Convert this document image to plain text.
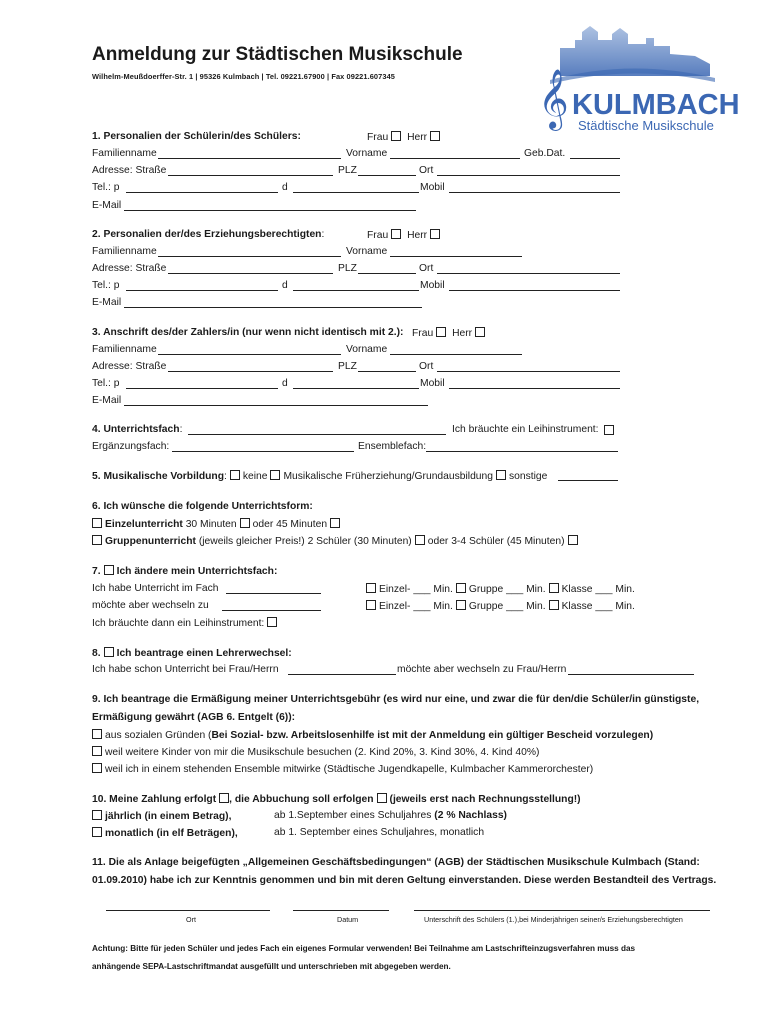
Anmeldung zur Städtischen Musikschule
Wilhelm-Meußdoerffer-Str. 1 | 95326 Kulmbach | Tel. 09221.67900 | Fax 09221.607345	𝄞 KULMBACH
Städtische Musikschule
1. Personalien der Schülerin/des Schülers:	Frau Herr
Familienname	Vorname	Geb.Dat.
Adresse: Straße	PLZ	Ort
Tel.: p	d	Mobil
E-Mail
2. Personalien der/des Erziehungsberechtigten:	Frau Herr
Familienname	Vorname
Adresse: Straße	PLZ	Ort
Tel.: p	d	Mobil
E-Mail
3. Anschrift des/der Zahlers/in (nur wenn nicht identisch mit 2.): Frau Herr
Familienname	Vorname
Adresse: Straße	PLZ	Ort
Tel.: p	d	Mobil
E-Mail
4. Unterrichtsfach:	Ich bräuchte ein Leihinstrument:
Ergänzungsfach:	Ensemblefach:
5. Musikalische Vorbildung: keine Musikalische Früherziehung/Grundausbildung sonstige
6. Ich wünsche die folgende Unterrichtsform:
Einzelunterricht 30 Minuten oder 45 Minuten
Gruppenunterricht (jeweils gleicher Preis!) 2 Schüler (30 Minuten) oder 3-4 Schüler (45 Minuten)
7. Ich ändere mein Unterrichtsfach:
Ich habe Unterricht im Fach
möchte aber wechseln zu
Einzel- ___ Min. Gruppe ___ Min. Klasse ___ Min.
Einzel- ___ Min. Gruppe ___ Min. Klasse ___ Min.
Ich bräuchte dann ein Leihinstrument:
8. Ich beantrage einen Lehrerwechsel:
Ich habe schon Unterricht bei Frau/Herrn	möchte aber wechseln zu Frau/Herrn
9. Ich beantrage die Ermäßigung meiner Unterrichtsgebühr (es wird nur eine, und zwar die für den/die Schüler/in günstigste,
Ermäßigung gewährt (AGB 6. Entgelt (6)):
aus sozialen Gründen (Bei Sozial- bzw. Arbeitslosenhilfe ist mit der Anmeldung ein gültiger Bescheid vorzulegen)
weil weitere Kinder von mir die Musikschule besuchen (2. Kind 20%, 3. Kind 30%, 4. Kind 40%)
weil ich in einem stehenden Ensemble mitwirke (Städtische Jugendkapelle, Kulmbacher Kammerorchester)
10. Meine Zahlung erfolgt , die Abbuchung soll erfolgen (jeweils erst nach Rechnungsstellung!)
jährlich (in einem Betrag),	ab 1.September eines Schuljahres (2 % Nachlass)
monatlich (in elf Beträgen),	ab 1. September eines Schuljahres, monatlich
11. Die als Anlage beigefügten „Allgemeinen Geschäftsbedingungen“ (AGB) der Städtischen Musikschule Kulmbach (Stand:
01.09.2010) habe ich zur Kenntnis genommen und bin mit deren Geltung einverstanden. Diese werden Bestandteil des Vertrags.
Ort	Datum	Unterschrift des Schülers (1.),bei Minderjährigen seiner/s Erziehungsberechtigten
Achtung: Bitte für jeden Schüler und jedes Fach ein eigenes Formular verwenden! Bei Teilnahme am Lastschrifteinzugsverfahren muss das
anhängende SEPA-Lastschriftmandat ausgefüllt und unterschrieben mit abgegeben werden.
